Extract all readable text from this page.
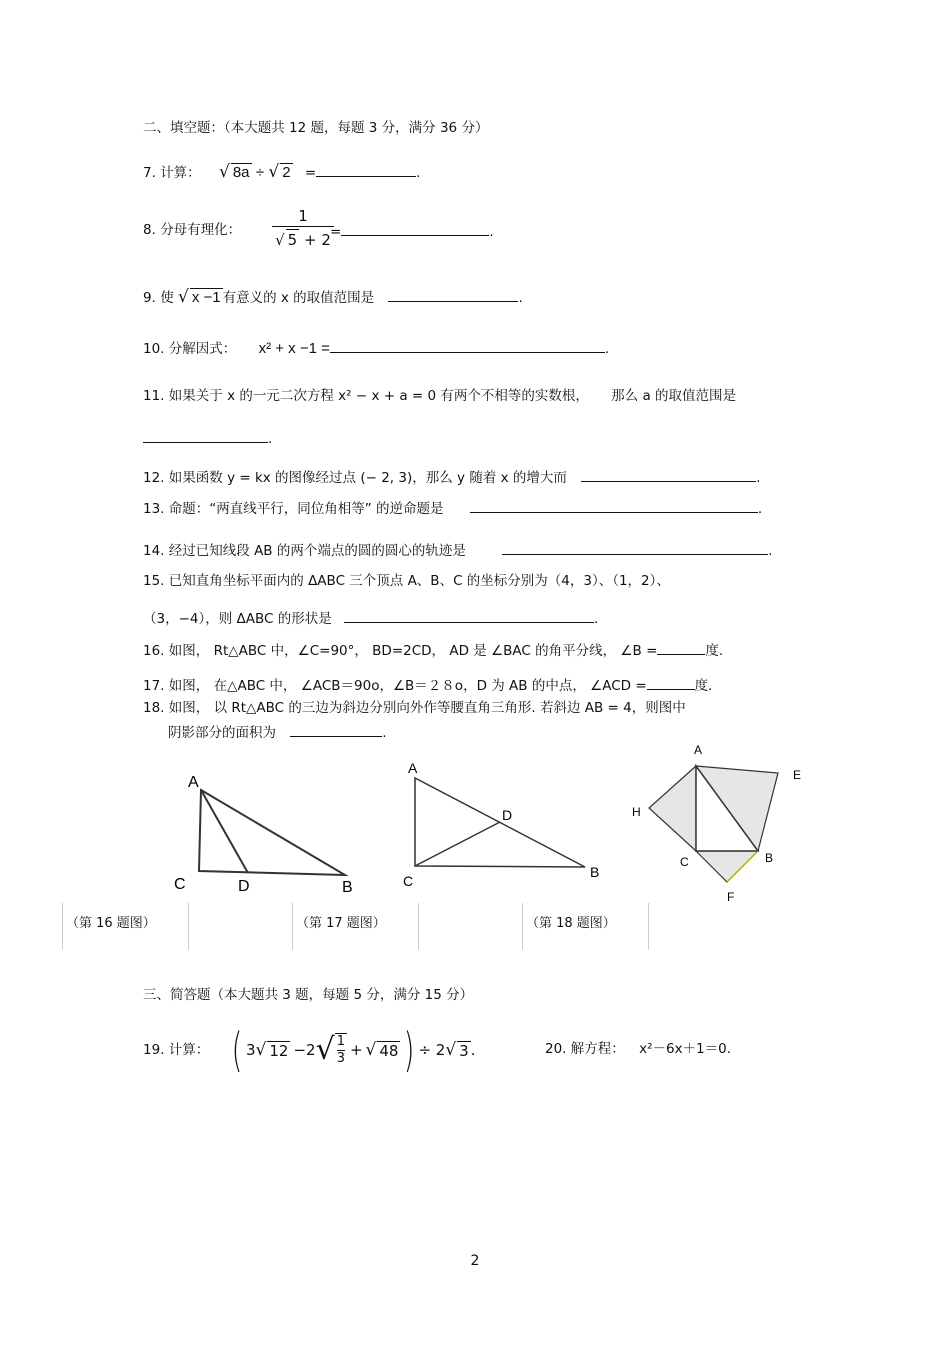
二、填空题：（本大题共 12 题，每题 3 分，满分 36 分）
7. 计算： √ 8a ÷ √ 2 =	.
8. 分母有理化： $\frac{1}{√ 5 + 2}$
=	.
9. 使 √ x −1 有意义的 x 的取值范围是	.
10. 分解因式： x² + x −1 =	.
11. 如果关于 x 的一元二次方程 x² − x + a = 0 有两个不相等的实数根， 那么 a 的取值范围是
.
12. 如果函数 y = kx 的图像经过点 (− 2, 3)，那么 y 随着 x 的增大而	.
13. 命题：“两直线平行，同位角相等” 的逆命题是	.
14. 经过已知线段 AB 的两个端点的圆的圆心的轨迹是	.
15. 已知直角坐标平面内的 ΔABC 三个顶点 A、B、C 的坐标分别为（4，3）、（1，2）、
（3，−4），则 ΔABC 的形状是	.
16. 如图， Rt△ABC 中，∠C=90°， BD=2CD， AD 是 ∠BAC 的角平分线， ∠B =	度.
17. 如图， 在△ABC 中， ∠ACB＝90o，∠B＝２８o，D 为 AB 的中点， ∠ACD =	度.
18. 如图， 以 Rt△ABC 的三边为斜边分别向外作等腰直角三角形. 若斜边 AB = 4，则图中
阴影部分的面积为	.
A
C	D	B
A
D
C
B
A
E
H
C	B
F
（第 16 题图）	（第 17 题图）	（第 18 题图）
三、简答题（本大题共 3 题，每题 5 分，满分 15 分）
19. 计算： ( 3 √ 12 −2 √ $\frac{1}{3}$ + √ 48 ) ÷ 2 √ 3 .	20. 解方程： x²－6x＋1＝0.
2
